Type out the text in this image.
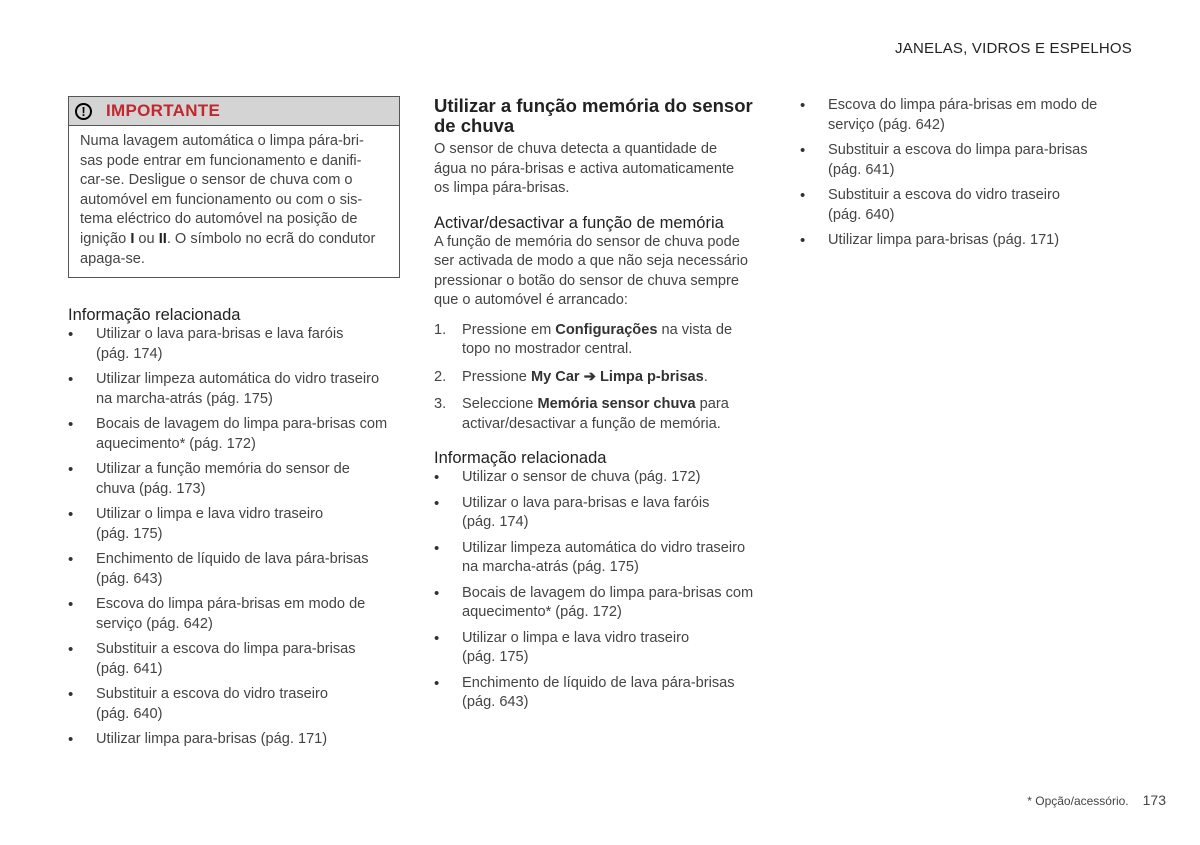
JANELAS, VIDROS E ESPELHOS
!	IMPORTANTE
Numa lavagem automática o limpa pára-bri-
sas pode entrar em funcionamento e danifi-
car-se. Desligue o sensor de chuva com o
automóvel em funcionamento ou com o sis-
tema eléctrico do automóvel na posição de
ignição I ou II. O símbolo no ecrã do condutor
apaga-se.
Informação relacionada
• Utilizar o lava para-brisas e lava faróis
(pág. 174)
• Utilizar limpeza automática do vidro traseiro
na marcha-atrás (pág. 175)
• Bocais de lavagem do limpa para-brisas com
aquecimento* (pág. 172)
• Utilizar a função memória do sensor de
chuva (pág. 173)
• Utilizar o limpa e lava vidro traseiro
(pág. 175)
• Enchimento de líquido de lava pára-brisas
(pág. 643)
• Escova do limpa pára-brisas em modo de
serviço (pág. 642)
• Substituir a escova do limpa para-brisas
(pág. 641)
• Substituir a escova do vidro traseiro
(pág. 640)
• Utilizar limpa para-brisas (pág. 171)
Utilizar a função memória do sensor
de chuva

O sensor de chuva detecta a quantidade de
água no pára-brisas e activa automaticamente
os limpa pára-brisas.

Activar/desactivar a função de memória

A função de memória do sensor de chuva pode
ser activada de modo a que não seja necessário
pressionar o botão do sensor de chuva sempre
que o automóvel é arrancado:

1. Pressione em Configurações na vista de
topo no mostrador central.
2. Pressione My Car ➔ Limpa p-brisas.
3. Seleccione Memória sensor chuva para
activar/desactivar a função de memória.
Informação relacionada
• Utilizar o sensor de chuva (pág. 172)
• Utilizar o lava para-brisas e lava faróis
(pág. 174)
• Utilizar limpeza automática do vidro traseiro
na marcha-atrás (pág. 175)
• Bocais de lavagem do limpa para-brisas com
aquecimento* (pág. 172)
• Utilizar o limpa e lava vidro traseiro
(pág. 175)
• Enchimento de líquido de lava pára-brisas
(pág. 643)
• Escova do limpa pára-brisas em modo de
serviço (pág. 642)
• Substituir a escova do limpa para-brisas
(pág. 641)
• Substituir a escova do vidro traseiro
(pág. 640)
• Utilizar limpa para-brisas (pág. 171)
* Opção/acessório. 173
